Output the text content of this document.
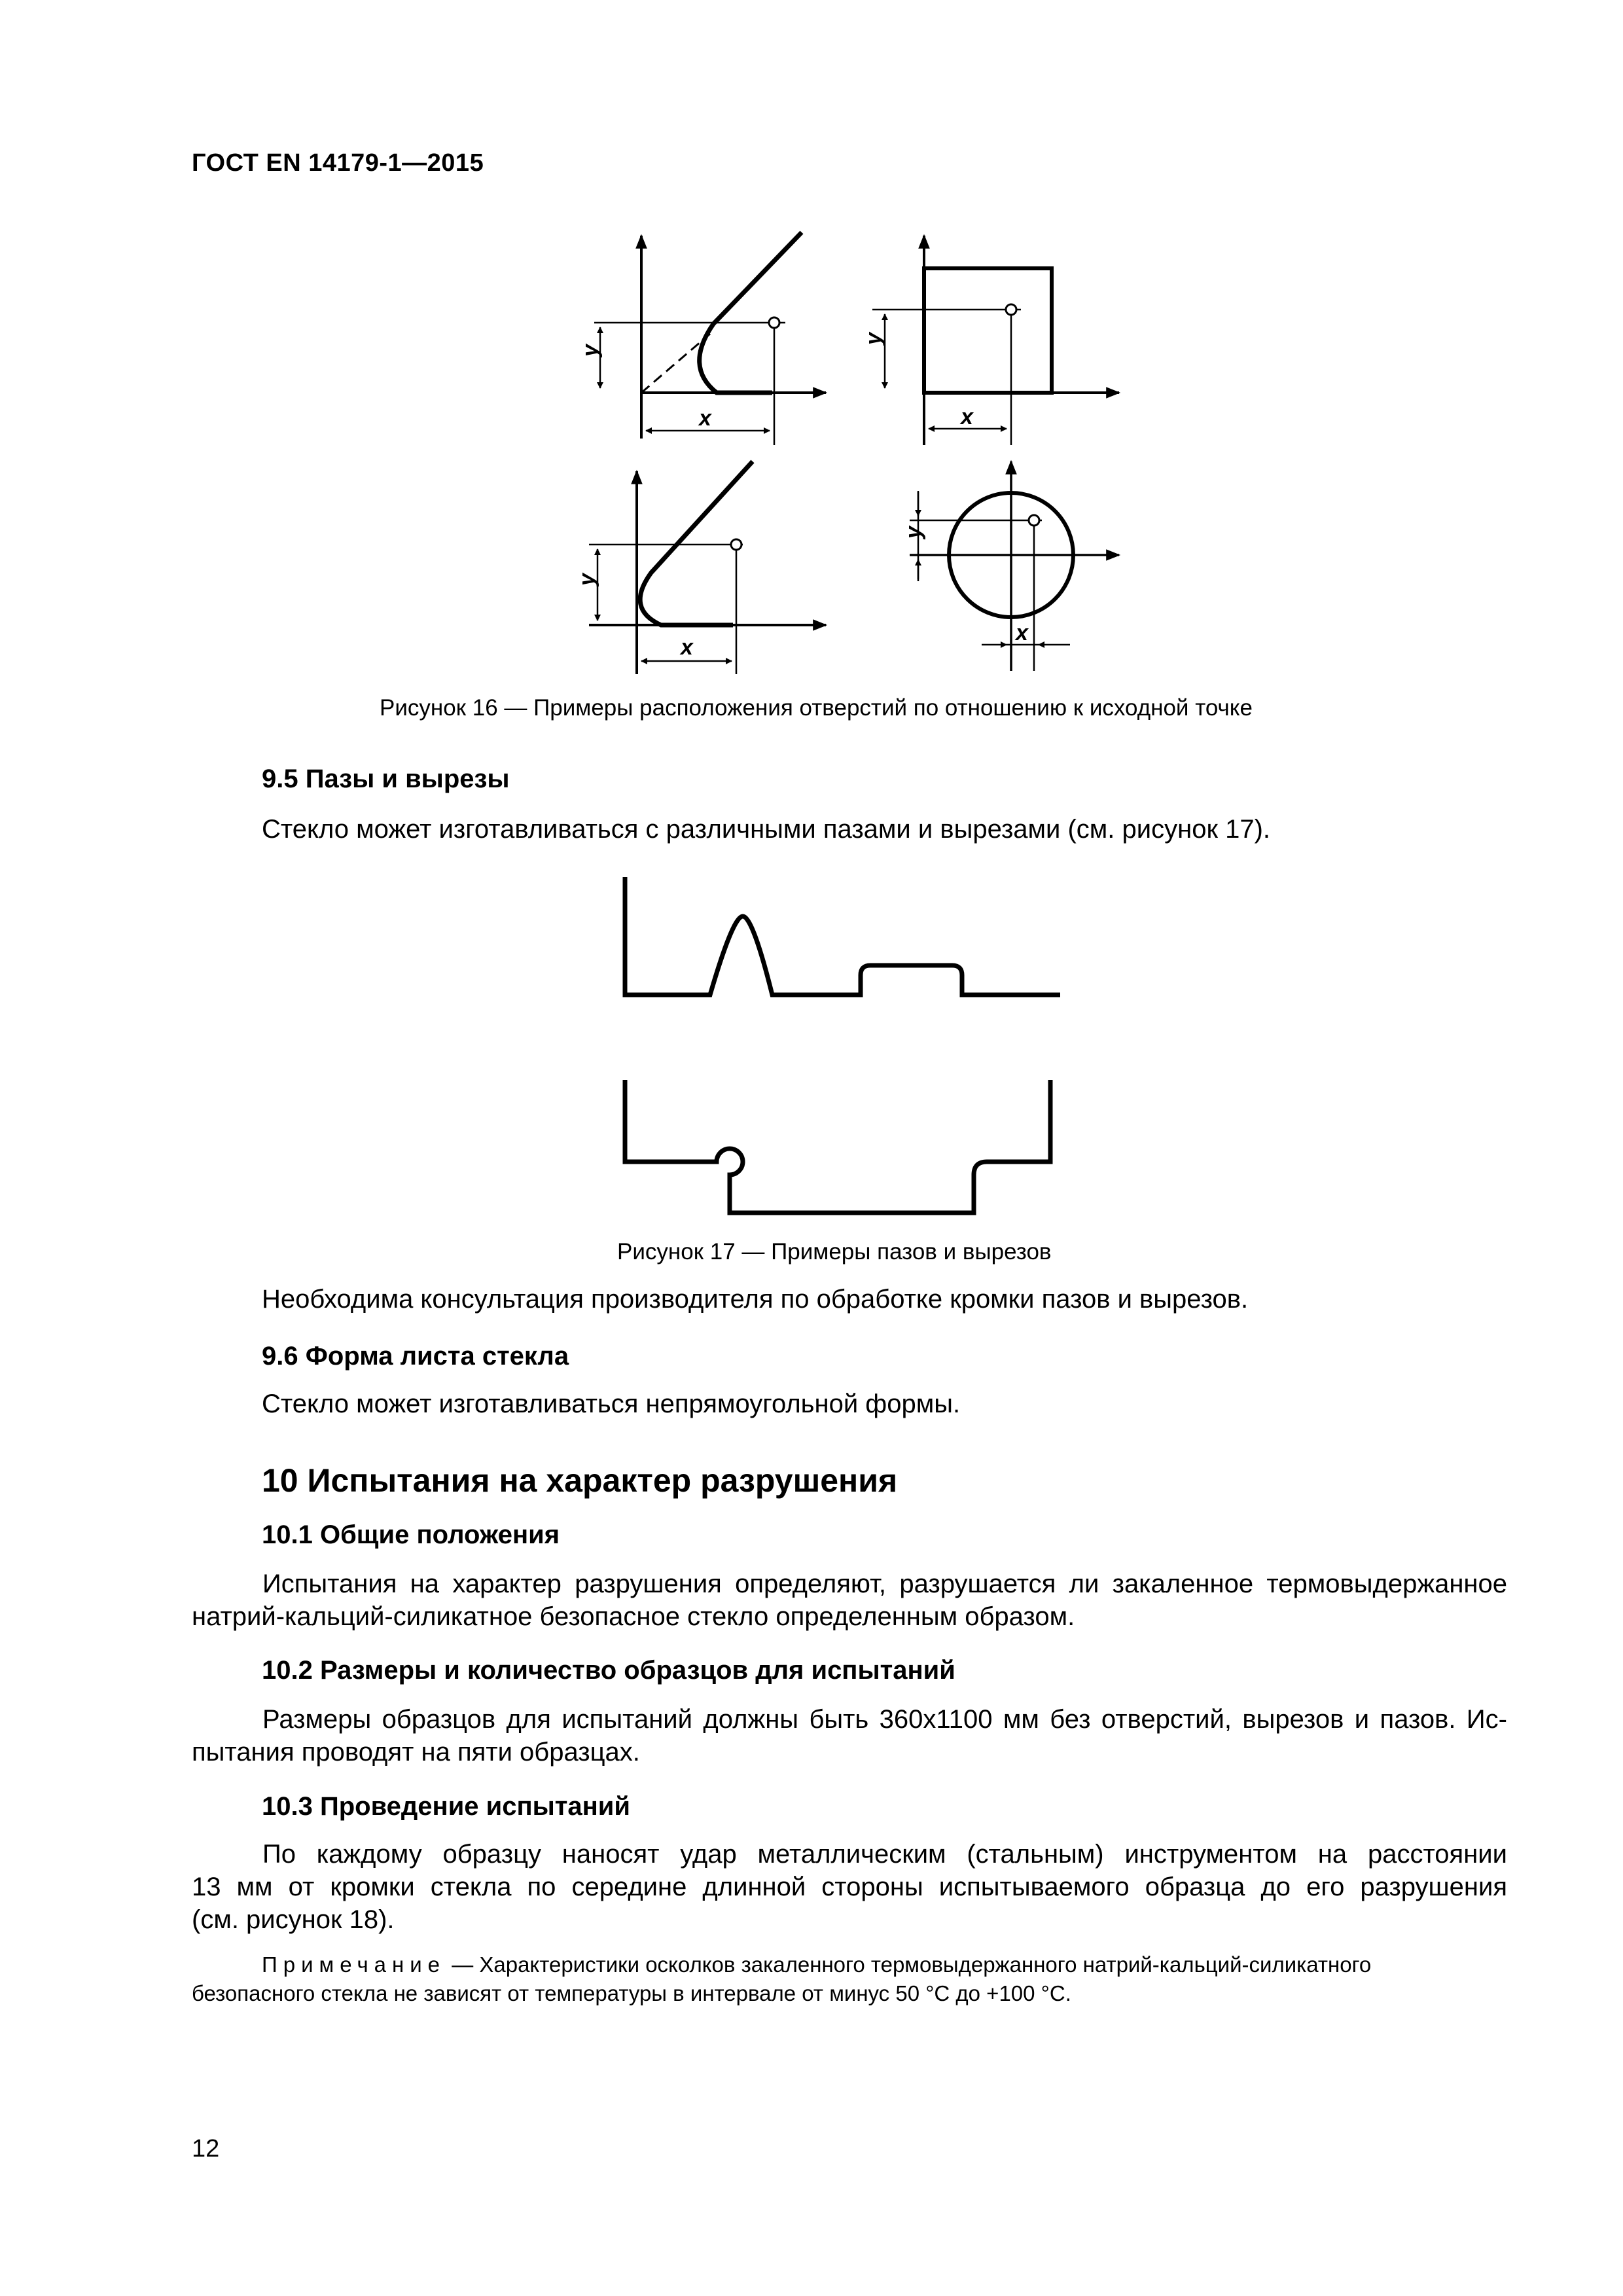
ГОСТ EN 14179-1—2015
y
x
y
x
y
x
y
x
Рисунок 16 — Примеры расположения отверстий по отношению к исходной точке
9.5 Пазы и вырезы
Стекло может изготавливаться с различными пазами и вырезами (см. рисунок 17).
Рисунок 17 — Примеры пазов и вырезов
Необходима консультация производителя по обработке кромки пазов и вырезов.
9.6 Форма листа стекла
Стекло может изготавливаться непрямоугольной формы.
10 Испытания на характер разрушения
10.1 Общие положения
Испытания на характер разрушения определяют, разрушается ли закаленное термовыдержанное
натрий-кальций-силикатное безопасное стекло определенным образом.
10.2 Размеры и количество образцов для испытаний
Размеры образцов для испытаний должны быть 360x1100 мм без отверстий, вырезов и пазов. Ис-
пытания проводят на пяти образцах.
10.3 Проведение испытаний
По каждому образцу наносят удар металлическим (стальным) инструментом на расстоянии
13 мм от кромки стекла по середине длинной стороны испытываемого образца до его разрушения
(см. рисунок 18).
Примечание — Характеристики осколков закаленного термовыдержанного натрий-кальций-силикатного
безопасного стекла не зависят от температуры в интервале от минус 50 °С до +100 °С.
12
